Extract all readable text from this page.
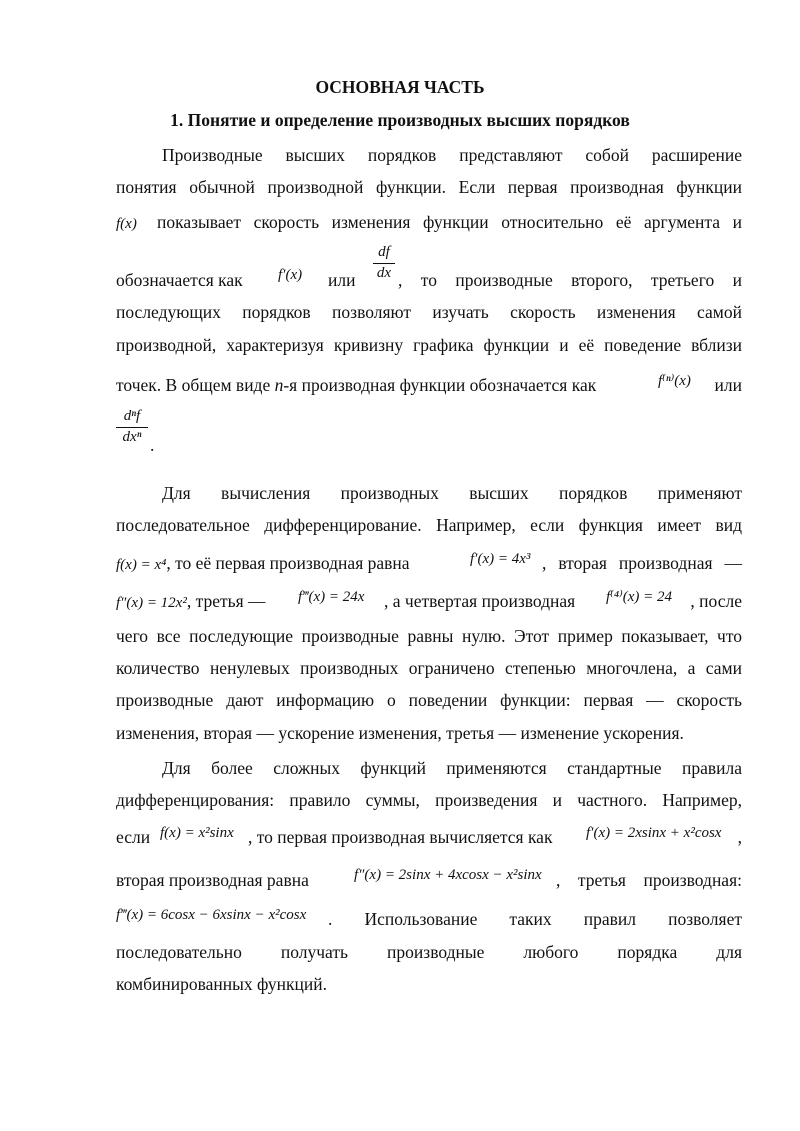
ОСНОВНАЯ ЧАСТЬ
1. Понятие и определение производных высших порядков
Производные высших порядков представляют собой расширение
понятия обычной производной функции. Если первая производная функции
f(x) показывает скорость изменения функции относительно её аргумента и
обозначается как f′(x) или , то производные второго, третьего и
df
dx
последующих порядков позволяют изучать скорость изменения самой
производной, характеризуя кривизну графика функции и её поведение вблизи
точек. В общем виде n-я производная функции обозначается как	f⁽ⁿ⁾(x) или
dⁿf
dxⁿ .
Для вычисления производных высших порядков применяют
последовательное дифференцирование. Например, если функция имеет вид
f(x) = x⁴, то её первая производная равна	f′(x) = 4x³ , вторая производная —
f″(x) = 12x², третья — f‴(x) = 24x , а четвертая производная f⁽⁴⁾(x) = 24 , после
чего все последующие производные равны нулю. Этот пример показывает, что
количество ненулевых производных ограничено степенью многочлена, а сами
производные дают информацию о поведении функции: первая — скорость
изменения, вторая — ускорение изменения, третья — изменение ускорения.
Для более сложных функций применяются стандартные правила
дифференцирования: правило суммы, произведения и частного. Например,
если f(x) = x²sinx , то первая производная вычисляется как f′(x) = 2xsinx + x²cosx ,
вторая производная равна	f″(x) = 2sinx + 4xcosx − x²sinx , третья производная:
f‴(x) = 6cosx − 6xsinx − x²cosx . Использование таких правил позволяет
последовательно получать производные любого порядка для
комбинированных функций.
